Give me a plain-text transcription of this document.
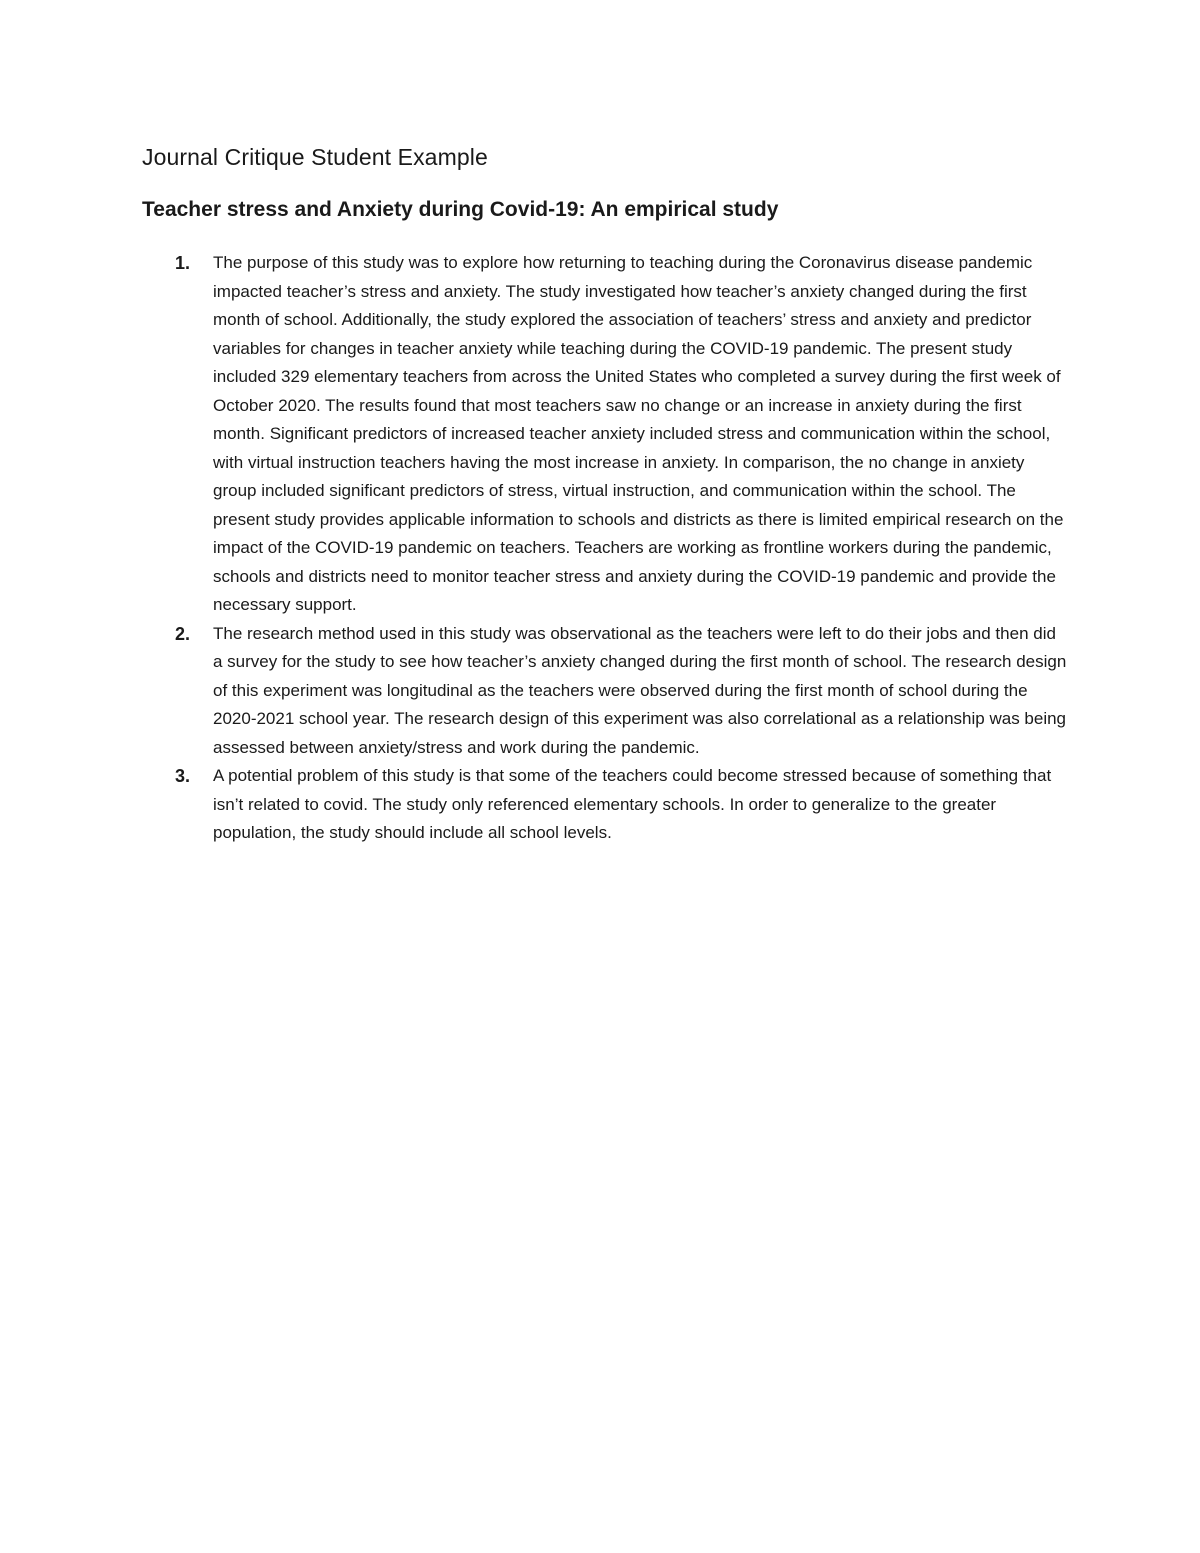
Journal Critique Student Example
Teacher stress and Anxiety during Covid-19: An empirical study
1. The purpose of this study was to explore how returning to teaching during the Coronavirus disease pandemic impacted teacher’s stress and anxiety. The study investigated how teacher’s anxiety changed during the first month of school. Additionally, the study explored the association of teachers’ stress and anxiety and predictor variables for changes in teacher anxiety while teaching during the COVID-19 pandemic. The present study included 329 elementary teachers from across the United States who completed a survey during the first week of October 2020. The results found that most teachers saw no change or an increase in anxiety during the first month. Significant predictors of increased teacher anxiety included stress and communication within the school, with virtual instruction teachers having the most increase in anxiety. In comparison, the no change in anxiety group included significant predictors of stress, virtual instruction, and communication within the school. The present study provides applicable information to schools and districts as there is limited empirical research on the impact of the COVID-19 pandemic on teachers. Teachers are working as frontline workers during the pandemic, schools and districts need to monitor teacher stress and anxiety during the COVID-19 pandemic and provide the necessary support.

2. The research method used in this study was observational as the teachers were left to do their jobs and then did a survey for the study to see how teacher’s anxiety changed during the first month of school. The research design of this experiment was longitudinal as the teachers were observed during the first month of school during the 2020-2021 school year. The research design of this experiment was also correlational as a relationship was being assessed between anxiety/stress and work during the pandemic.

3. A potential problem of this study is that some of the teachers could become stressed because of something that isn’t related to covid. The study only referenced elementary schools. In order to generalize to the greater population, the study should include all school levels.
